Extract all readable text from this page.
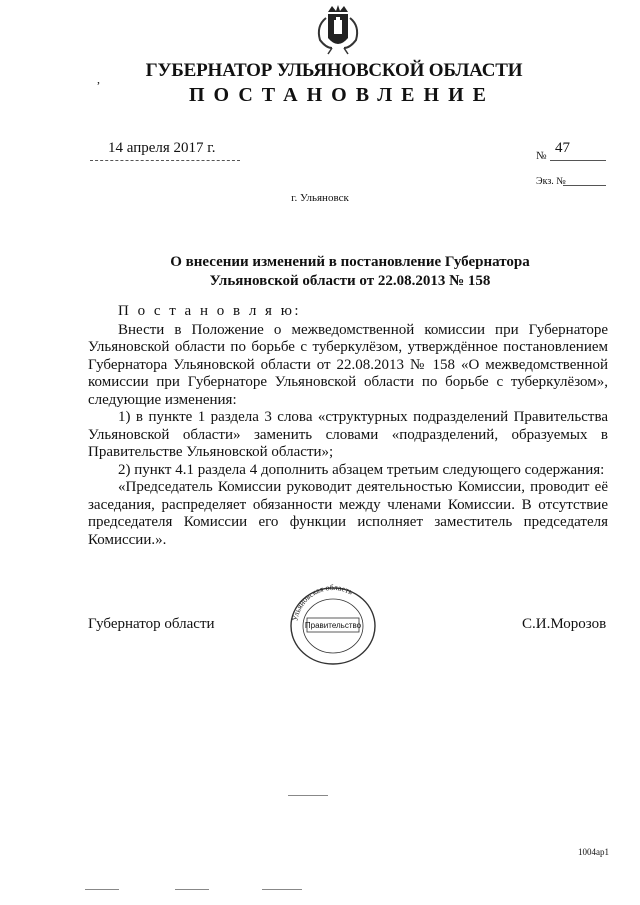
,	ГУБЕРНАТОР УЛЬЯНОВСКОЙ ОБЛАСТИ
ПОСТАНОВЛЕНИЕ
14 апреля 2017 г.	№ 47
Экз. №
г. Ульяновск
О внесении изменений в постановление Губернатора
Ульяновской области от 22.08.2013 № 158

П о с т а н о в л я ю:

Внести в Положение о межведомственной комиссии при Губернаторе Ульяновской области по борьбе с туберкулёзом, утверждённое постановлением Губернатора Ульяновской области от 22.08.2013 № 158 «О межведомственной комиссии при Губернаторе Ульяновской области по борьбе с туберкулёзом», следующие изменения:

1) в пункте 1 раздела 3 слова «структурных подразделений Правительства Ульяновской области» заменить словами «подразделений, образуемых в Правительстве Ульяновской области»;

2) пункт 4.1 раздела 4 дополнить абзацем третьим следующего содержания:

«Председатель Комиссии руководит деятельностью Комиссии, проводит её заседания, распределяет обязанности между членами Комиссии. В отсутствие председателя Комиссии его функции исполняет заместитель председателя Комиссии.».

Губернатор области	С.И.Морозов
Ульяновская область
Правительство
1004ap1
